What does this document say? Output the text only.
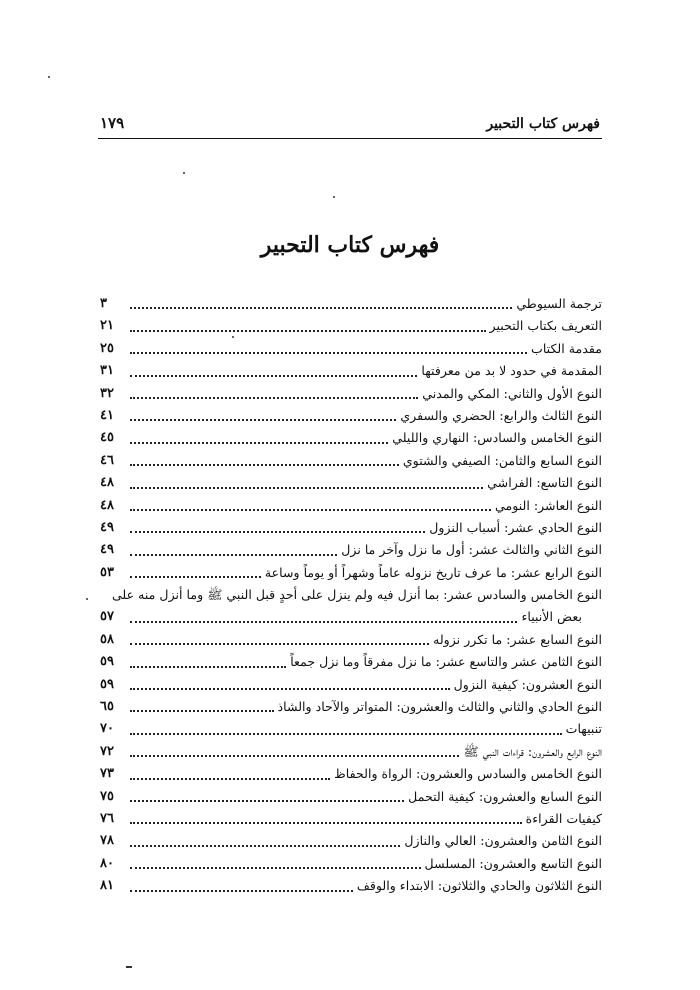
فهرس كتاب التحبير
١٧٩
فهرس كتاب التحبير
ترجمة السيوطي
٣
التعريف بكتاب التحبير
٢١
مقدمة الكتاب
٢٥
المقدمة في حدود لا بد من معرفتها
٣١
النوع الأول والثاني: المكي والمدني
٣٢
النوع الثالث والرابع: الحضري والسفري
٤١
النوع الخامس والسادس: النهاري والليلي
٤٥
النوع السابع والثامن: الصيفي والشتوي
٤٦
النوع التاسع: الفراشي
٤٨
النوع العاشر: النومي
٤٨
النوع الحادي عشر: أسباب النزول
٤٩
النوع الثاني والثالث عشر: أول ما نزل وآخر ما نزل
٤٩
النوع الرابع عشر: ما عرف تاريخ نزوله عاماً وشهراً أو يوماً وساعة
٥٣
النوع الخامس والسادس عشر: بما أنزل فيه ولم ينزل على أحدٍ قبل النبي ﷺ وما أنزل منه على
بعض الأنبياء
٥٧
النوع السابع عشر: ما تكرر نزوله
٥٨
النوع الثامن عشر والتاسع عشر: ما نزل مفرقاً وما نزل جمعاً
٥٩
النوع العشرون: كيفية النزول
٥٩
النوع الحادي والثاني والثالث والعشرون: المتواتر والآحاد والشاذ
٦٥
تنبيهات
٧٠
النوع الرابع والعشرون: قراءات النبي ﷺ
٧٢
النوع الخامس والسادس والعشرون: الرواة والحفاظ
٧٣
النوع السابع والعشرون: كيفية التحمل
٧٥
كيفيات القراءة
٧٦
النوع الثامن والعشرون: العالي والنازل
٧٨
النوع التاسع والعشرون: المسلسل
٨٠
النوع الثلاثون والحادي والثلاثون: الابتداء والوقف
٨١
